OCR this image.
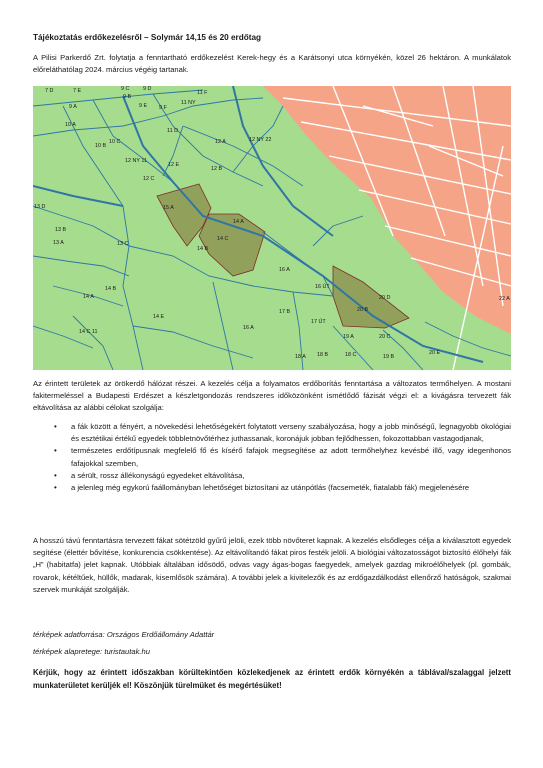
Tájékoztatás erdőkezelésről – Solymár 14,15 és 20 erdőtag
A Pilisi Parkerdő Zrt. folytatja a fenntartható erdőkezelést Kerek-hegy és a Karátsonyi utca környékén, közel 26 hektáron. A munkálatok előreláthatólag 2024. március végéig tartanak.
7 D	7 E	9 C	9 D
9 B
11 F
11 NY
9 A	9 E 9 F
10 A
10 C
10 B
11 D
12 A	12 NY 22
12 NY 11
12 E
12 B
12 C
13 D
13 B
13 A	13 C
15 A
14 A
14 C
14 B
16 A
14 B
14 A
16 ÚT
20 D
20 B
22 A
14 E
17 B
17 ÚT
14 C 11
16 A
19 A	20 C
18 A 18 B	18 C	19 B
20 E
Az érintett területek az örökerdő hálózat részei. A kezelés célja a folyamatos erdőborítás fenntartása a változatos termőhelyen. A mostani fakitermeléssel a Budapesti Erdészet a készletgondozás rendszeres időközönként ismétlődő fázisát végzi el: a kivágásra tervezett fák eltávolítása az alábbi célokat szolgálja:
• a fák között a fényért, a növekedési lehetőségekért folytatott verseny szabályozása, hogy a jobb minőségű, legnagyobb ökológiai és esztétikai értékű egyedek többletnövőtérhez juthassanak, koronájuk jobban fejlődhessen, fokozottabban vastagodjanak,
• természetes erdőtípusnak megfelelő fő és kísérő fafajok megsegítése az adott termőhelyhez kevésbé illő, vagy idegenhonos fafajokkal szemben,
• a sérült, rossz állékonyságú egyedeket eltávolítása,
• a jelenleg még egykorú faállományban lehetőséget biztosítani az utánpótlás (facsemeték, fiatalabb fák) megjelenésére
A hosszú távú fenntartásra tervezett fákat sötétzöld gyűrű jelöli, ezek több növőteret kapnak. A kezelés elsődleges célja a kiválasztott egyedek segítése (élettér bővítése, konkurencia csökkentése). Az eltávolítandó fákat piros festék jelöli. A biológiai változatosságot biztosító élőhelyi fák „H” (habitatfa) jelet kapnak. Utóbbiak általában idősödő, odvas vagy ágas-bogas faegyedek, amelyek gazdag mikroélőhelyek (pl. gombák, rovarok, kétéltűek, hüllők, madarak, kisemlősök számára). A további jelek a kivitelezők és az erdőgazdálkodást ellenőrző hatóságok, szakmai szervek munkáját szolgálják.
térképek adatforrása: Országos Erdőállomány Adattár
térképek alapretege: turistautak.hu
Kérjük, hogy az érintett időszakban körültekintően közlekedjenek az érintett erdők környékén a táblával/szalaggal jelzett munkaterületet kerüljék el! Köszönjük türelmüket és megértésüket!
